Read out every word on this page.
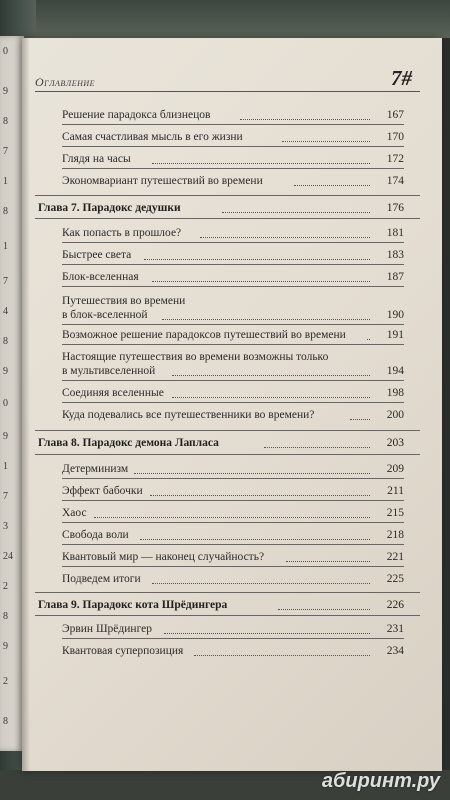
0
9
8
7
1
8
1
7
4
8
9
0
9
1
7
3
24
2
8
9
2
8
Оглавление	7#
Решение парадокса близнецов	167
Самая счастливая мысль в его жизни	170
Глядя на часы	172
Экономвариант путешествий во времени	174
Глава 7. Парадокс дедушки	176
Как попасть в прошлое?	181
Быстрее света	183
Блок-вселенная	187
Путешествия во времени
в блок-вселенной	190
Возможное решение парадоксов путешествий во времени	191
Настоящие путешествия во времени возможны только
в мультивселенной	194
Соединяя вселенные	198
Куда подевались все путешественники во времени?	200
Глава 8. Парадокс демона Лапласа	203
Детерминизм	209
Эффект бабочки	211
Хаос	215
Свобода воли	218
Квантовый мир — наконец случайность?	221
Подведем итоги	225
Глава 9. Парадокс кота Шрёдингера	226
Эрвин Шрёдингер	231
Квантовая суперпозиция	234
абиринт.ру
